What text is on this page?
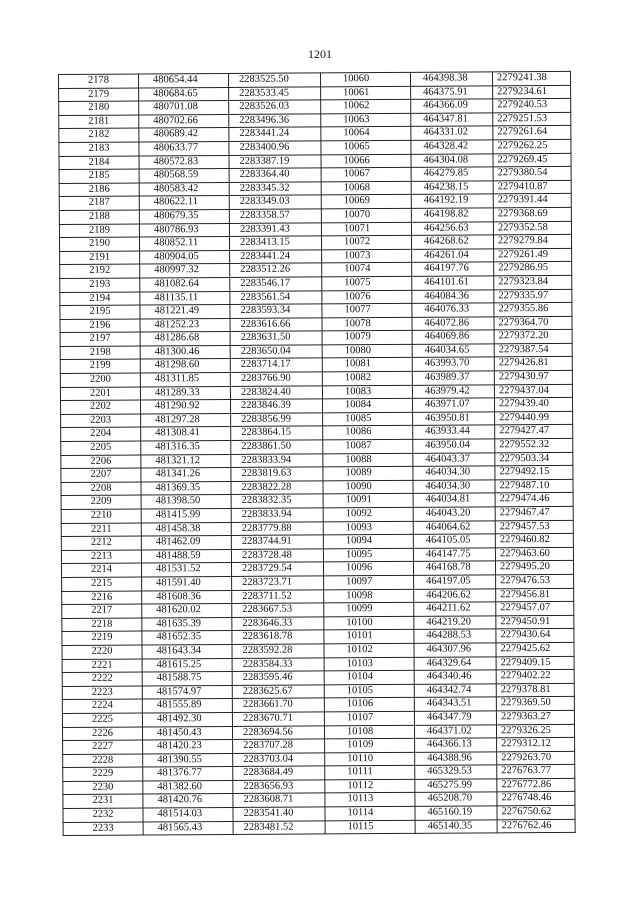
1201
2178	480654.44	2283525.50	10060	464398.38	2279241.38
2179	480684.65	2283533.45	10061	464375.91	2279234.61
2180	480701.08	2283526.03	10062	464366.09	2279240.53
2181	480702.66	2283496.36	10063	464347.81	2279251.53
2182	480689.42	2283441.24	10064	464331.02	2279261.64
2183	480633.77	2283400.96	10065	464328.42	2279262.25
2184	480572.83	2283387.19	10066	464304.08	2279269.45
2185	480568.59	2283364.40	10067	464279.85	2279380.54
2186	480583.42	2283345.32	10068	464238.15	2279410.87
2187	480622.11	2283349.03	10069	464192.19	2279391.44
2188	480679.35	2283358.57	10070	464198.82	2279368.69
2189	480786.93	2283391.43	10071	464256.63	2279352.58
2190	480852.11	2283413.15	10072	464268.62	2279279.84
2191	480904.05	2283441.24	10073	464261.04	2279261.49
2192	480997.32	2283512.26	10074	464197.76	2279286.95
2193	481082.64	2283546.17	10075	464101.61	2279323.84
2194	481135.11	2283561.54	10076	464084.36	2279335.97
2195	481221.49	2283593.34	10077	464076.33	2279355.86
2196	481252.23	2283616.66	10078	464072.86	2279364.70
2197	481286.68	2283631.50	10079	464069.86	2279372.20
2198	481300.46	2283650.04	10080	464034.65	2279387.54
2199	481298.60	2283714.17	10081	463993.70	2279426.81
2200	481311.85	2283766.90	10082	463989.37	2279430.97
2201	481289.33	2283824.40	10083	463979.42	2279437.04
2202	481290.92	2283846.39	10084	463971.07	2279439.40
2203	481297.28	2283856.99	10085	463950.81	2279440.99
2204	481308.41	2283864.15	10086	463933.44	2279427.47
2205	481316.35	2283861.50	10087	463950.04	2279552.32
2206	481321.12	2283833.94	10088	464043.37	2279503.34
2207	481341.26	2283819.63	10089	464034.30	2279492.15
2208	481369.35	2283822.28	10090	464034.30	2279487.10
2209	481398.50	2283832.35	10091	464034.81	2279474.46
2210	481415.99	2283833.94	10092	464043.20	2279467.47
2211	481458.38	2283779.88	10093	464064.62	2279457.53
2212	481462.09	2283744.91	10094	464105.05	2279460.82
2213	481488.59	2283728.48	10095	464147.75	2279463.60
2214	481531.52	2283729.54	10096	464168.78	2279495.20
2215	481591.40	2283723.71	10097	464197.05	2279476.53
2216	481608.36	2283711.52	10098	464206.62	2279456.81
2217	481620.02	2283667.53	10099	464211.62	2279457.07
2218	481635.39	2283646.33	10100	464219.20	2279450.91
2219	481652.35	2283618.78	10101	464288.53	2279430.64
2220	481643.34	2283592.28	10102	464307.96	2279425.62
2221	481615.25	2283584.33	10103	464329.64	2279409.15
2222	481588.75	2283595.46	10104	464340.46	2279402.22
2223	481574.97	2283625.67	10105	464342.74	2279378.81
2224	481555.89	2283661.70	10106	464343.51	2279369.50
2225	481492.30	2283670.71	10107	464347.79	2279363.27
2226	481450.43	2283694.56	10108	464371.02	2279326.25
2227	481420.23	2283707.28	10109	464366.13	2279312.12
2228	481390.55	2283703.04	10110	464388.96	2279263.70
2229	481376.77	2283684.49	10111	465329.53	2276763.77
2230	481382.60	2283656.93	10112	465275.99	2276772.86
2231	481420.76	2283608.71	10113	465208.70	2276748.46
2232	481514.03	2283541.40	10114	465160.19	2276750.62
2233	481565.43	2283481.52	10115	465140.35	2276762.46
